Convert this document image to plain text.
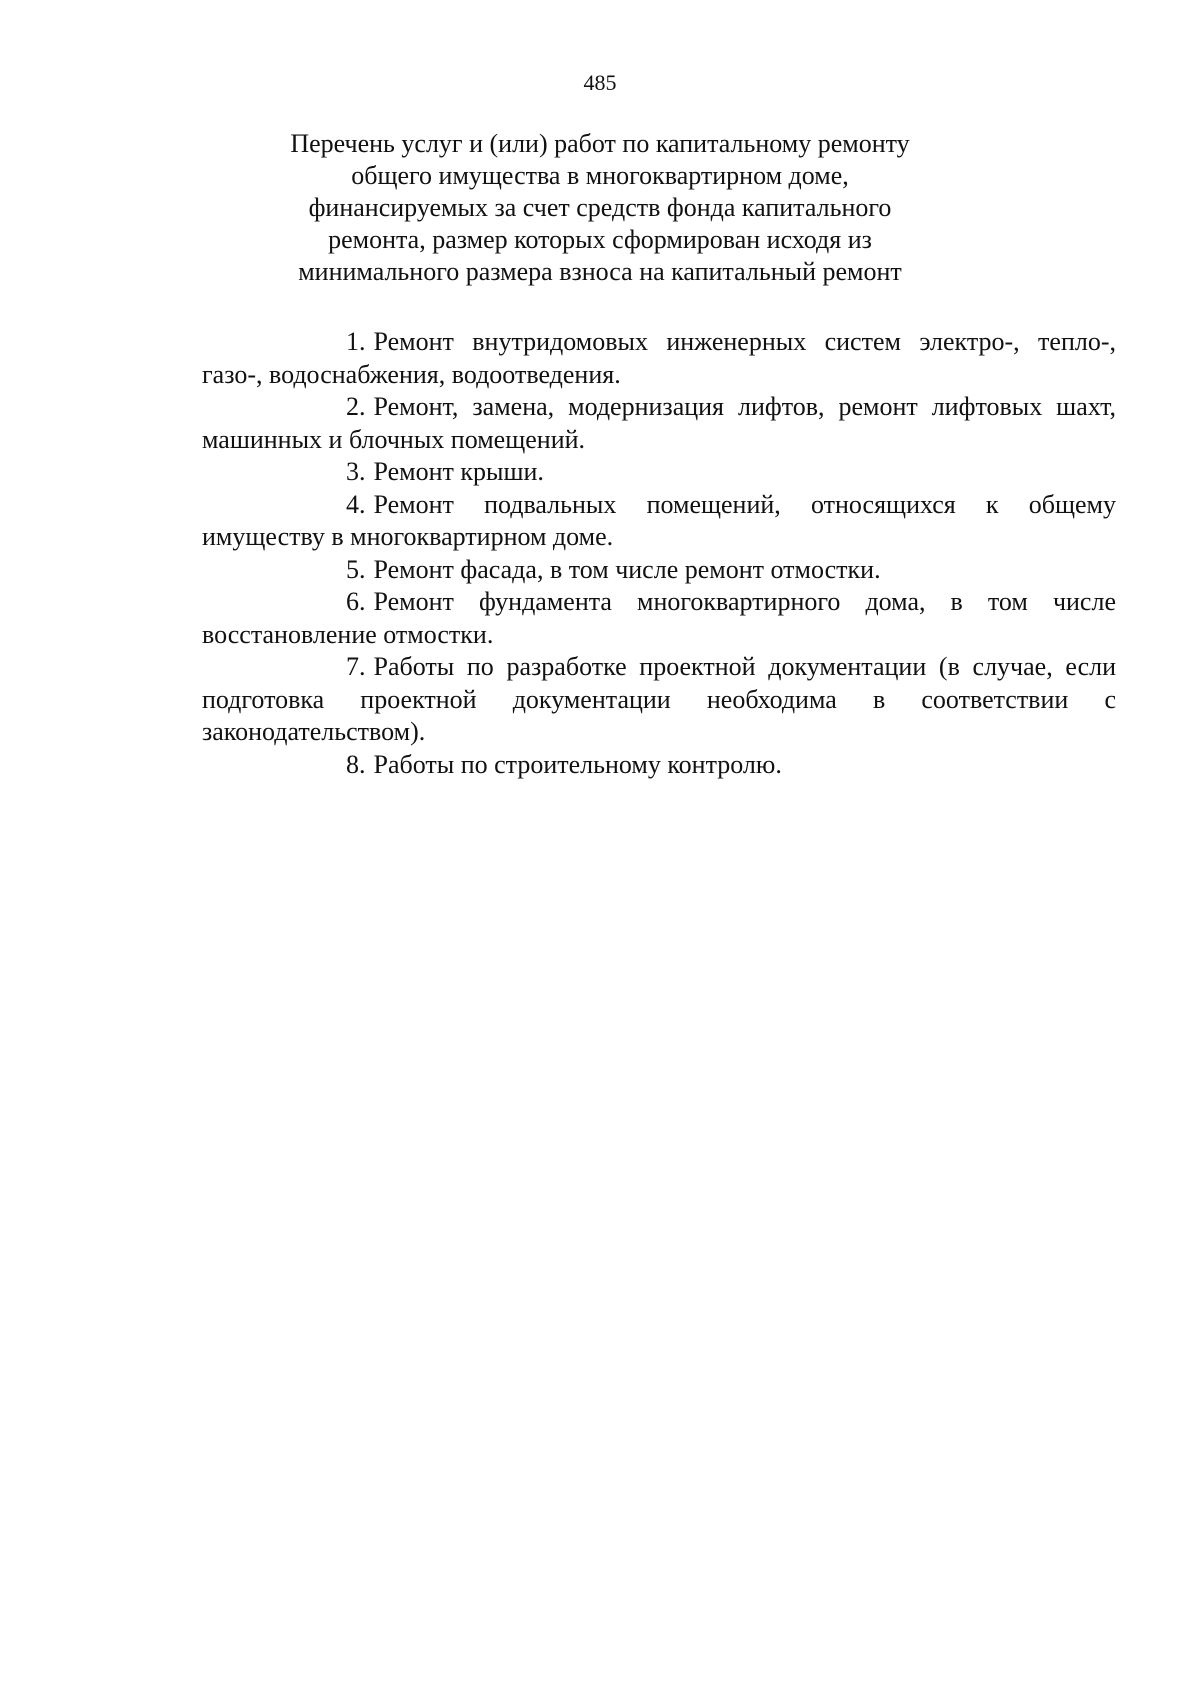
485
Перечень услуг и (или) работ по капитальному ремонту
общего имущества в многоквартирном доме,
финансируемых за счет средств фонда капитального
ремонта, размер которых сформирован исходя из
минимального размера взноса на капитальный ремонт

1. Ремонт внутридомовых инженерных систем электро-, тепло-, газо-, водоснабжения, водоотведения.

2. Ремонт, замена, модернизация лифтов, ремонт лифтовых шахт, машинных и блочных помещений.

3. Ремонт крыши.

4. Ремонт подвальных помещений, относящихся к общему имуществу в многоквартирном доме.

5. Ремонт фасада, в том числе ремонт отмостки.

6. Ремонт фундамента многоквартирного дома, в том числе восстановление отмостки.

7. Работы по разработке проектной документации (в случае, если подготовка проектной документации необходима в соответствии с законодательством).

8. Работы по строительному контролю.
